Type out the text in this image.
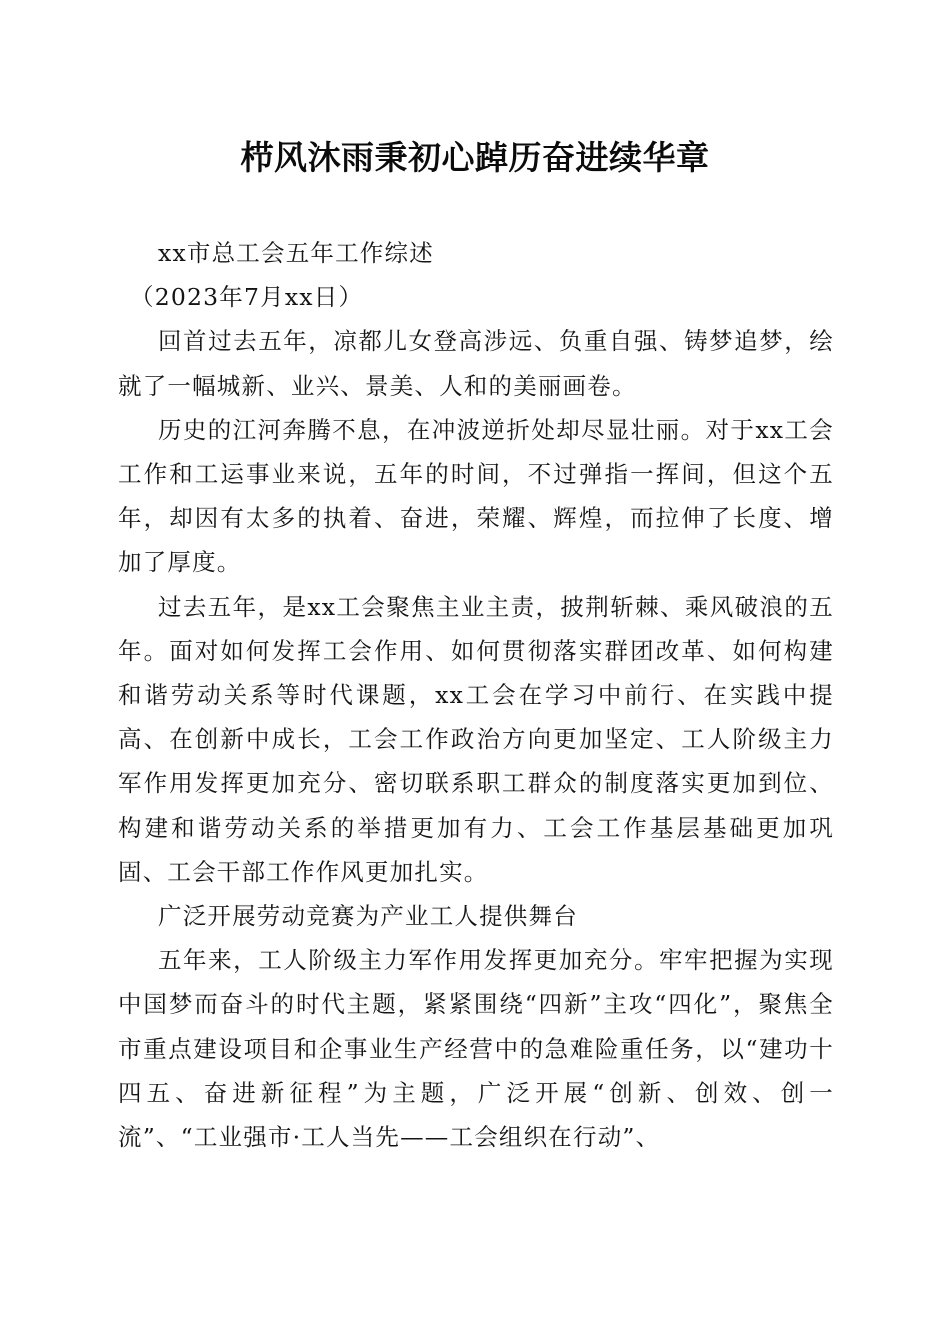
栉风沐雨秉初心踔历奋进续华章

xx市总工会五年工作综述

（2023年7月xx日）

回首过去五年，凉都儿女登高涉远、负重自强、铸梦追梦，绘就了一幅城新、业兴、景美、人和的美丽画卷。

历史的江河奔腾不息，在冲波逆折处却尽显壮丽。对于xx工会工作和工运事业来说，五年的时间，不过弹指一挥间，但这个五年，却因有太多的执着、奋进，荣耀、辉煌，而拉伸了长度、增加了厚度。

过去五年，是xx工会聚焦主业主责，披荆斩棘、乘风破浪的五年。面对如何发挥工会作用、如何贯彻落实群团改革、如何构建和谐劳动关系等时代课题，xx工会在学习中前行、在实践中提高、在创新中成长，工会工作政治方向更加坚定、工人阶级主力军作用发挥更加充分、密切联系职工群众的制度落实更加到位、构建和谐劳动关系的举措更加有力、工会工作基层基础更加巩固、工会干部工作作风更加扎实。

广泛开展劳动竞赛为产业工人提供舞台

五年来，工人阶级主力军作用发挥更加充分。牢牢把握为实现中国梦而奋斗的时代主题，紧紧围绕“四新”主攻“四化”，聚焦全市重点建设项目和企事业生产经营中的急难险重任务，以“建功十四五、奋进新征程”为主题，广泛开展“创新、创效、创一流”、“工业强市·工人当先——工会组织在行动”、
